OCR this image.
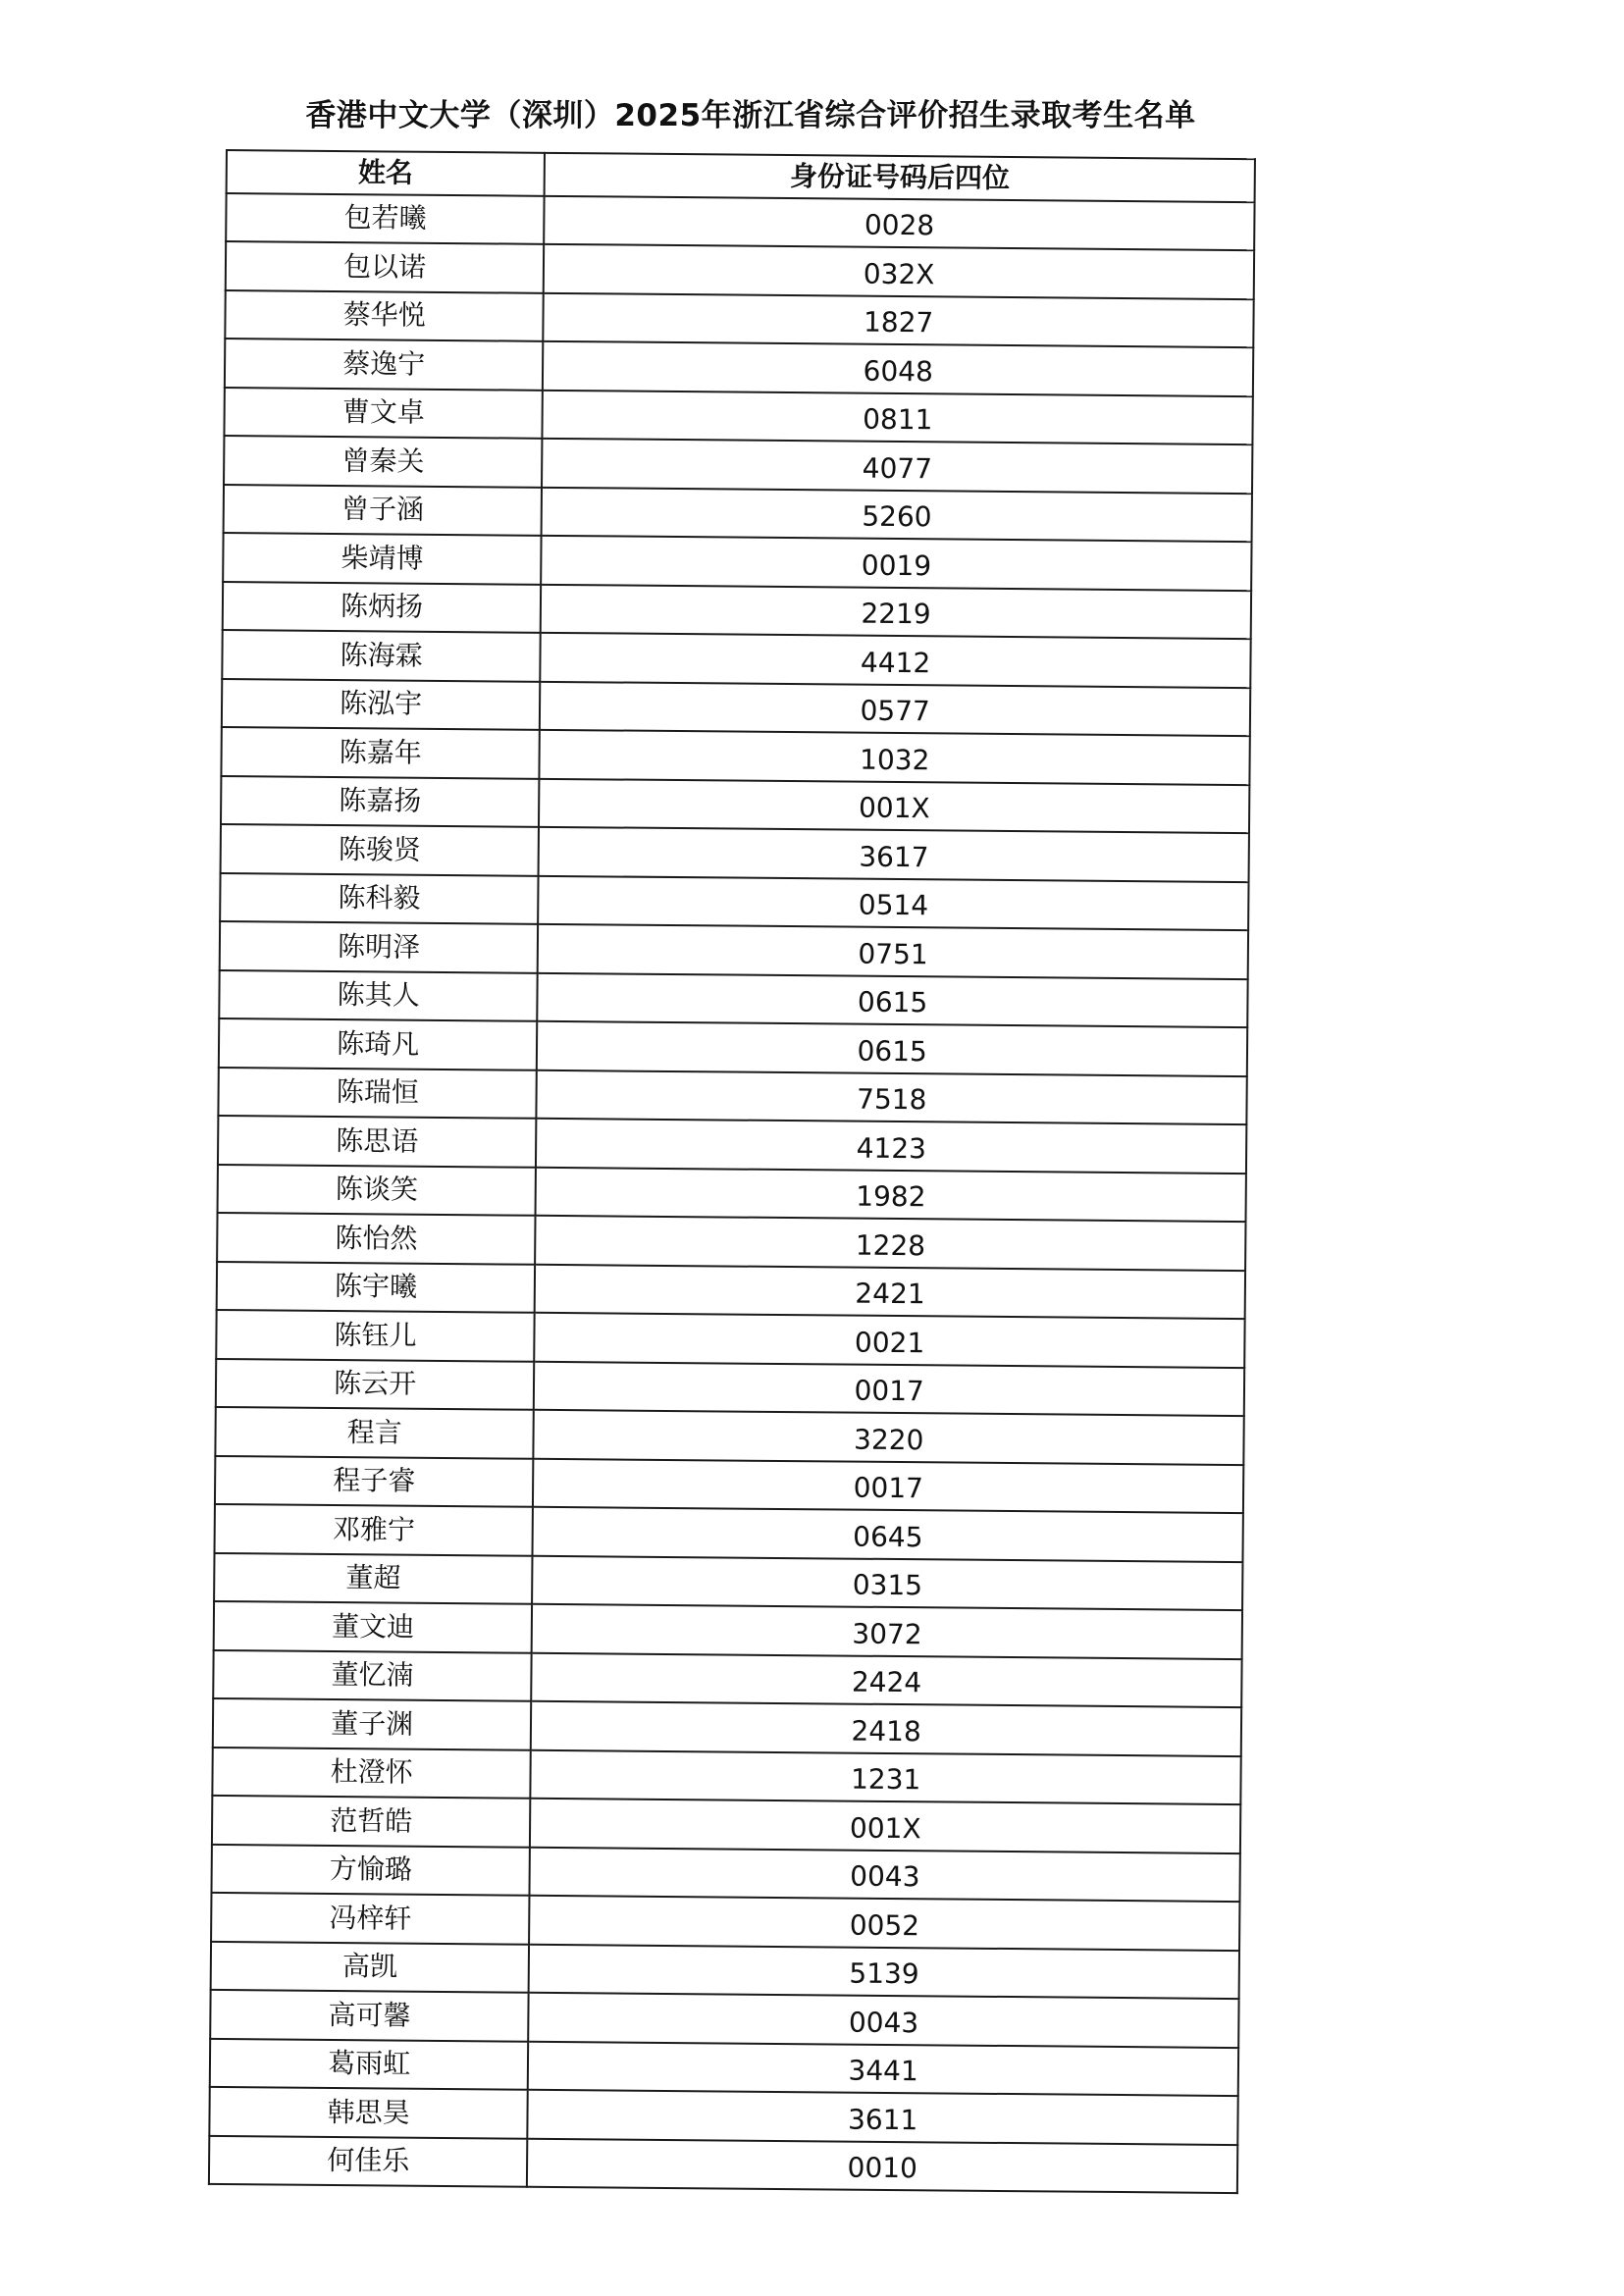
香港中文大学（深圳）2025年浙江省综合评价招生录取考生名单
姓名	身份证号码后四位
包若曦	0028
包以诺	032X
蔡华悦	1827
蔡逸宁	6048
曹文卓	0811
曾秦关	4077
曾子涵	5260
柴靖博	0019
陈炳扬	2219
陈海霖	4412
陈泓宇	0577
陈嘉年	1032
陈嘉扬	001X
陈骏贤	3617
陈科毅	0514
陈明泽	0751
陈其人	0615
陈琦凡	0615
陈瑞恒	7518
陈思语	4123
陈谈笑	1982
陈怡然	1228
陈宇曦	2421
陈钰儿	0021
陈云开	0017
程言	3220
程子睿	0017
邓雅宁	0645
董超	0315
董文迪	3072
董忆湳	2424
董子渊	2418
杜澄怀	1231
范哲皓	001X
方愉璐	0043
冯梓轩	0052
高凯	5139
高可馨	0043
葛雨虹	3441
韩思昊	3611
何佳乐	0010
